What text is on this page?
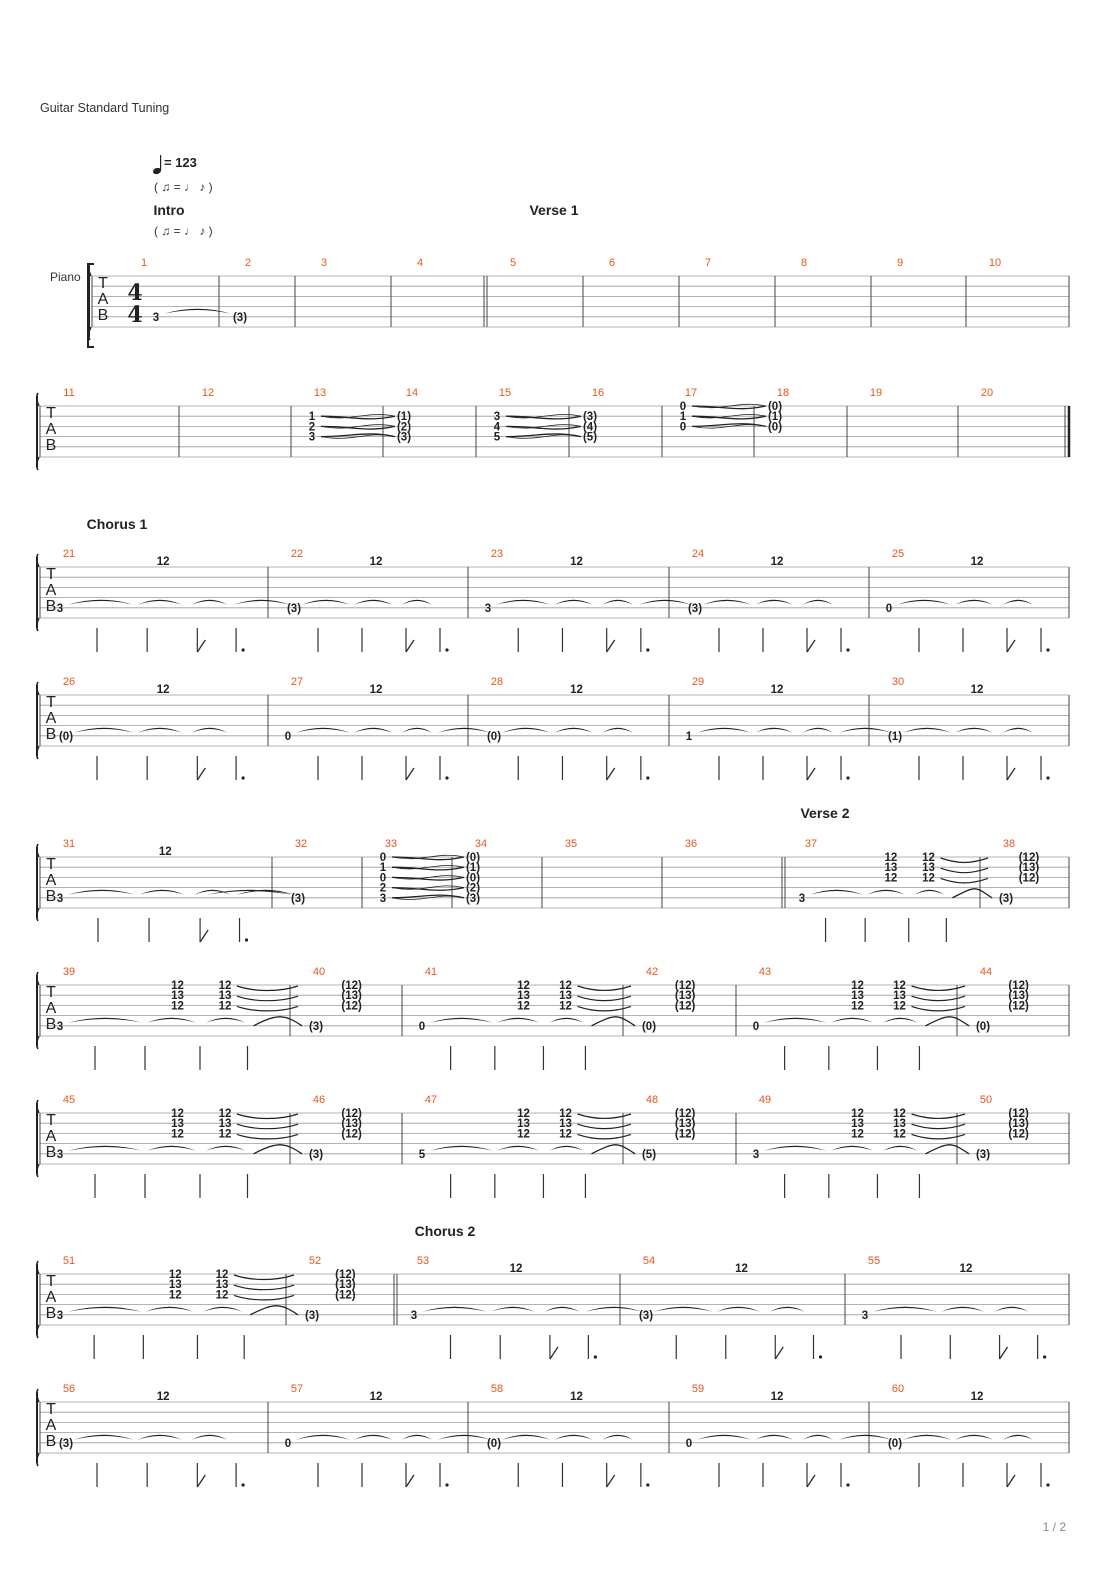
Guitar Standard Tuning
= 123
( ♫ = ♩ ♪ )
( ♫ = ♩ ♪ )
Intro	Verse 1
Chorus 1
Verse 2
Chorus 2
Piano T
A
B
4
4
1
3
2
(3)
3	4	5	6	7	8	9	10
T
A
B
11	12	13
1
2
3
14
(1)
(2)
(3)
15
3
4
5
16
(3)
(4)
(5)
17
0
1
0
18
(0)
(1)
(0)
19	20
T
A
B
21
3
12
22
(3)
12
23
3
12
24
(3)
12
25
0
12
T
A
B
26
(0)
12
27
0
12
28
(0)
12
29
1
12
30
(1)
12
T
A
B
31
3
12
32
(3)
33
0
1
0
2
3
34
(0)
(1)
(0)
(2)
(3)
35	36	37
3
12 12
13 13
12 12
38
(3)
(12)
(13)
(12)
T
A
B
39
3
12	12
13	13
12	12
40
(3)
(12)
(13)
(12)
41
0
12	12
13	13
12	12
42
(0)
(12)
(13)
(12)
43
0
12	12
13	13
12	12
44
(0)
(12)
(13)
(12)
T
A
B
45
3
12	12
13	13
12	12
46
(3)
(12)
(13)
(12)
47
5
12	12
13	13
12	12
48
(5)
(12)
(13)
(12)
49
3
12	12
13	13
12	12
50
(3)
(12)
(13)
(12)
T
A
B
51
3
12	12
13	13
12	12
52
(3)
(12)
(13)
(12)
53
3
12
54
(3)
12
55
3
12
T
A
B
56
(3)
12
57
0
12
58
(0)
12
59
0
12
60
(0)
12
1 / 2
